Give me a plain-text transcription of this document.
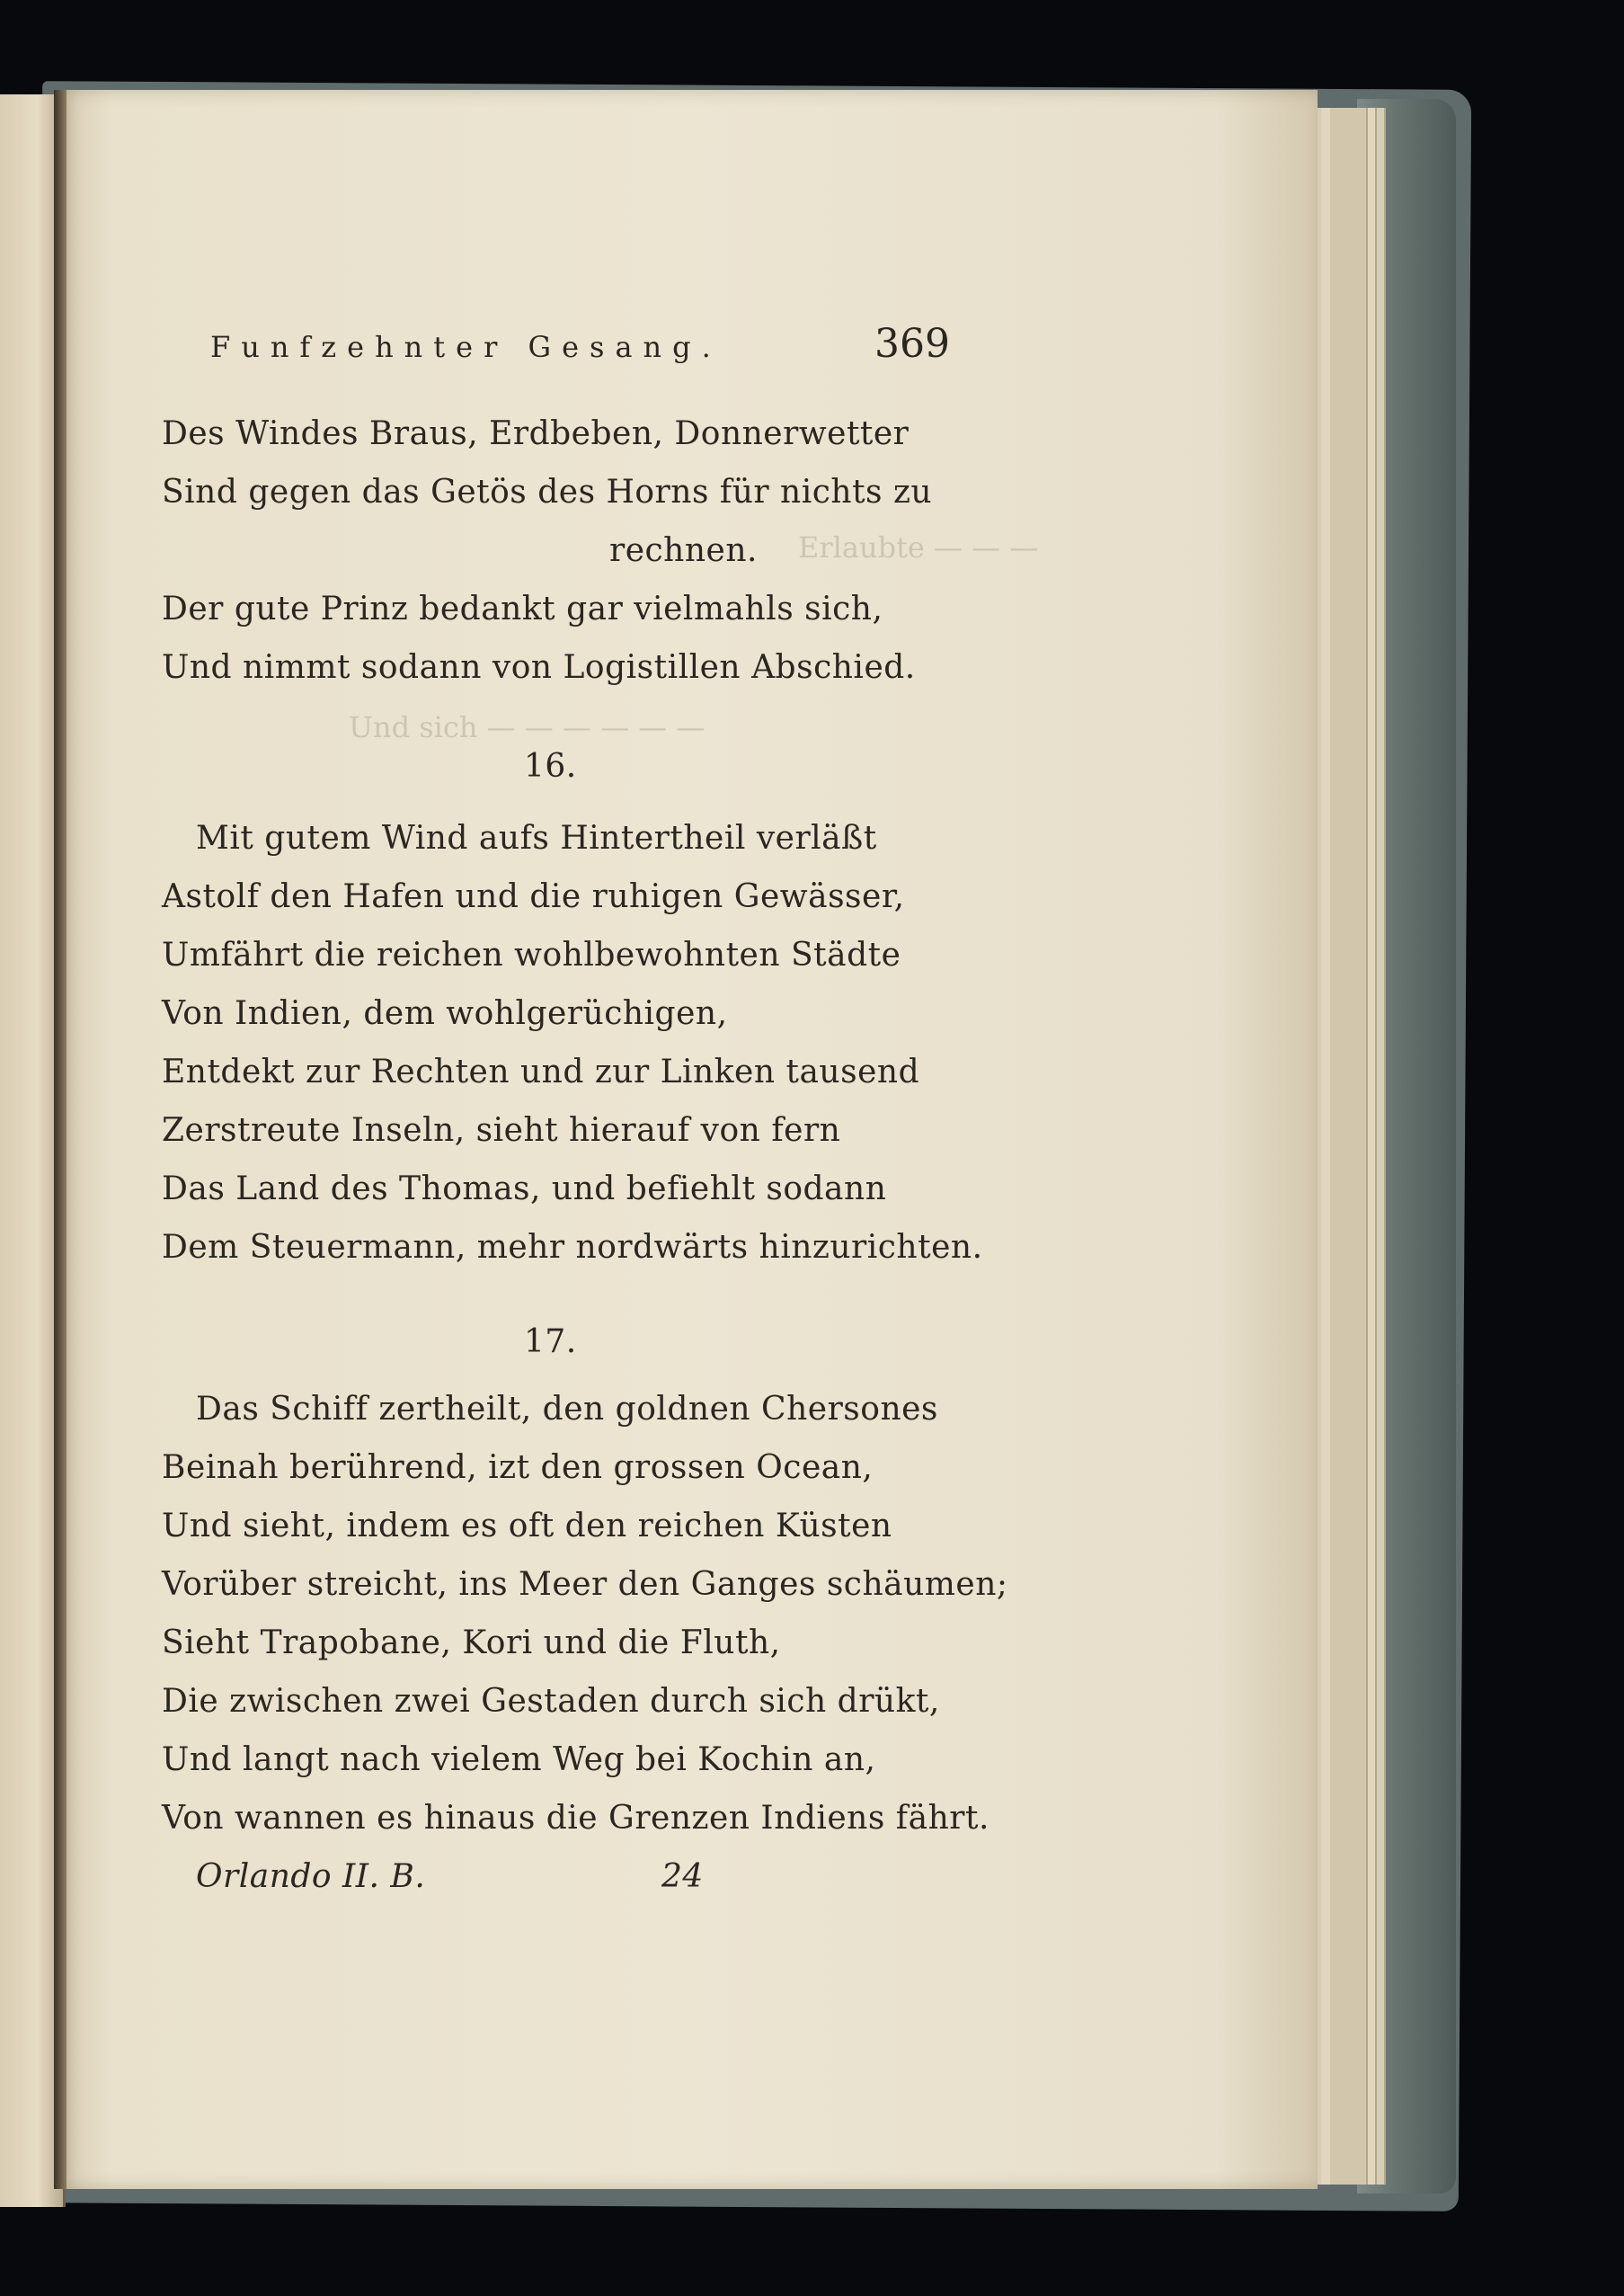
Erlaubte — — —
Und sich — — — — — —
Funfzehnter Gesang.	369
Des Windes Braus, Erdbeben, Donnerwetter
Sind gegen das Getös des Horns für nichts zu
rechnen.
Der gute Prinz bedankt gar vielmahls sich,
Und nimmt sodann von Logistillen Abschied.
16.
Mit gutem Wind aufs Hintertheil verläßt
Astolf den Hafen und die ruhigen Gewässer,
Umfährt die reichen wohlbewohnten Städte
Von Indien, dem wohlgerüchigen,
Entdekt zur Rechten und zur Linken tausend
Zerstreute Inseln, sieht hierauf von fern
Das Land des Thomas, und befiehlt sodann
Dem Steuermann, mehr nordwärts hinzurichten.
17.
Das Schiff zertheilt, den goldnen Chersones
Beinah berührend, izt den grossen Ocean,
Und sieht, indem es oft den reichen Küsten
Vorüber streicht, ins Meer den Ganges schäumen;
Sieht Trapobane, Kori und die Fluth,
Die zwischen zwei Gestaden durch sich drükt,
Und langt nach vielem Weg bei Kochin an,
Von wannen es hinaus die Grenzen Indiens fährt.
Orlando II. B.	24
